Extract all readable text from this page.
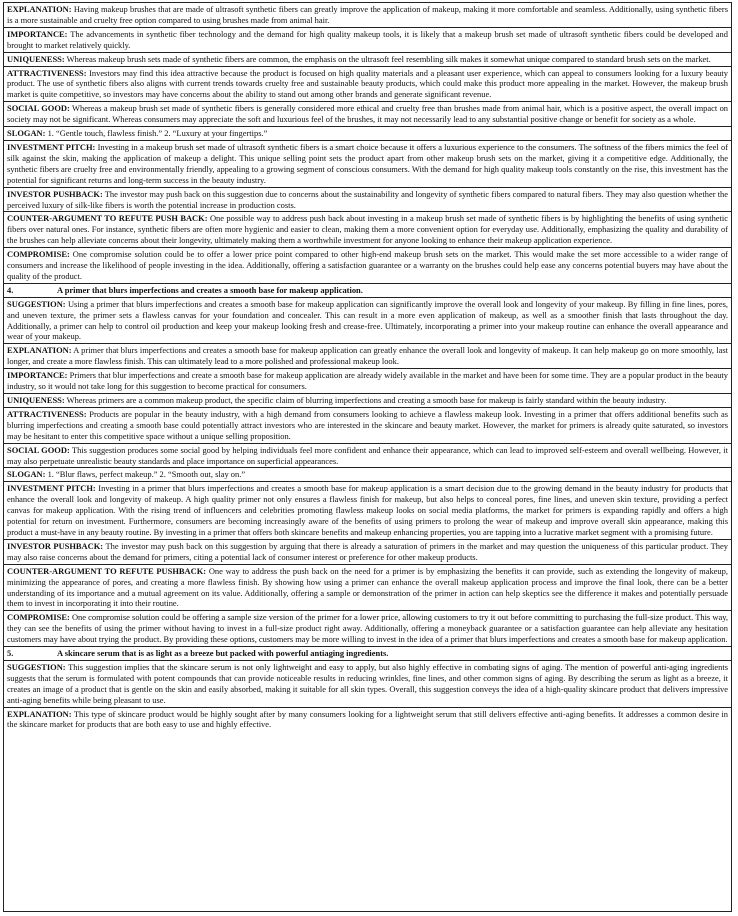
EXPLANATION: Having makeup brushes that are made of ultrasoft synthetic fibers can greatly improve the application of makeup, making it more comfortable and seamless. Additionally, using synthetic fibers is a more sustainable and cruelty free option compared to using brushes made from animal hair.
IMPORTANCE: The advancements in synthetic fiber technology and the demand for high quality makeup tools, it is likely that a makeup brush set made of ultrasoft synthetic fibers could be developed and brought to market relatively quickly.
UNIQUENESS: Whereas makeup brush sets made of synthetic fibers are common, the emphasis on the ultrasoft feel resembling silk makes it somewhat unique compared to standard brush sets on the market.
ATTRACTIVENESS: Investors may find this idea attractive because the product is focused on high quality materials and a pleasant user experience, which can appeal to consumers looking for a luxury beauty product. The use of synthetic fibers also aligns with current trends towards cruelty free and sustainable beauty products, which could make this product more appealing in the market. However, the makeup brush market is quite competitive, so investors may have concerns about the ability to stand out among other brands and generate significant revenue.
SOCIAL GOOD: Whereas a makeup brush set made of synthetic fibers is generally considered more ethical and cruelty free than brushes made from animal hair, which is a positive aspect, the overall impact on society may not be significant. Whereas consumers may appreciate the soft and luxurious feel of the brushes, it may not necessarily lead to any substantial positive change or benefit for society as a whole.
SLOGAN: 1. “Gentle touch, flawless finish.” 2. “Luxury at your fingertips.”
INVESTMENT PITCH: Investing in a makeup brush set made of ultrasoft synthetic fibers is a smart choice because it offers a luxurious experience to the consumers. The softness of the fibers mimics the feel of silk against the skin, making the application of makeup a delight. This unique selling point sets the product apart from other makeup brush sets on the market, giving it a competitive edge. Additionally, the synthetic fibers are cruelty free and environmentally friendly, appealing to a growing segment of conscious consumers. With the demand for high quality makeup tools constantly on the rise, this investment has the potential for significant returns and long-term success in the beauty industry.
INVESTOR PUSHBACK: The investor may push back on this suggestion due to concerns about the sustainability and longevity of synthetic fibers compared to natural fibers. They may also question whether the perceived luxury of silk-like fibers is worth the potential increase in production costs.
COUNTER-ARGUMENT TO REFUTE PUSH BACK: One possible way to address push back about investing in a makeup brush set made of synthetic fibers is by highlighting the benefits of using synthetic fibers over natural ones. For instance, synthetic fibers are often more hygienic and easier to clean, making them a more convenient option for everyday use. Additionally, emphasizing the quality and durability of the brushes can help alleviate concerns about their longevity, ultimately making them a worthwhile investment for anyone looking to enhance their makeup application experience.
COMPROMISE: One compromise solution could be to offer a lower price point compared to other high-end makeup brush sets on the market. This would make the set more accessible to a wider range of consumers and increase the likelihood of people investing in the idea. Additionally, offering a satisfaction guarantee or a warranty on the brushes could help ease any concerns potential buyers may have about the quality of the product.
4.	A primer that blurs imperfections and creates a smooth base for makeup application.
SUGGESTION: Using a primer that blurs imperfections and creates a smooth base for makeup application can significantly improve the overall look and longevity of your makeup. By filling in fine lines, pores, and uneven texture, the primer sets a flawless canvas for your foundation and concealer. This can result in a more even application of makeup, as well as a smoother finish that lasts throughout the day. Additionally, a primer can help to control oil production and keep your makeup looking fresh and crease-free. Ultimately, incorporating a primer into your makeup routine can enhance the overall appearance and wear of your makeup.
EXPLANATION: A primer that blurs imperfections and creates a smooth base for makeup application can greatly enhance the overall look and longevity of makeup. It can help makeup go on more smoothly, last longer, and create a more flawless finish. This can ultimately lead to a more polished and professional makeup look.
IMPORTANCE: Primers that blur imperfections and create a smooth base for makeup application are already widely available in the market and have been for some time. They are a popular product in the beauty industry, so it would not take long for this suggestion to become practical for consumers.
UNIQUENESS: Whereas primers are a common makeup product, the specific claim of blurring imperfections and creating a smooth base for makeup is fairly standard within the beauty industry.
ATTRACTIVENESS: Products are popular in the beauty industry, with a high demand from consumers looking to achieve a flawless makeup look. Investing in a primer that offers additional benefits such as blurring imperfections and creating a smooth base could potentially attract investors who are interested in the skincare and beauty market. However, the market for primers is already quite saturated, so investors may be hesitant to enter this competitive space without a unique selling proposition.
SOCIAL GOOD: This suggestion produces some social good by helping individuals feel more confident and enhance their appearance, which can lead to improved self-esteem and overall wellbeing. However, it may also perpetuate unrealistic beauty standards and place importance on superficial appearances.
SLOGAN: 1. “Blur flaws, perfect makeup.” 2. “Smooth out, slay on.”
INVESTMENT PITCH: Investing in a primer that blurs imperfections and creates a smooth base for makeup application is a smart decision due to the growing demand in the beauty industry for products that enhance the overall look and longevity of makeup. A high quality primer not only ensures a flawless finish for makeup, but also helps to conceal pores, fine lines, and uneven skin texture, providing a perfect canvas for makeup application. With the rising trend of influencers and celebrities promoting flawless makeup looks on social media platforms, the market for primers is expanding rapidly and offers a high potential for return on investment. Furthermore, consumers are becoming increasingly aware of the benefits of using primers to prolong the wear of makeup and improve overall skin appearance, making this product a must-have in any beauty routine. By investing in a primer that offers both skincare benefits and makeup enhancing properties, you are tapping into a lucrative market segment with a promising future.
INVESTOR PUSHBACK: The investor may push back on this suggestion by arguing that there is already a saturation of primers in the market and may question the uniqueness of this particular product. They may also raise concerns about the demand for primers, citing a potential lack of consumer interest or preference for other makeup products.
COUNTER-ARGUMENT TO REFUTE PUSHBACK: One way to address the push back on the need for a primer is by emphasizing the benefits it can provide, such as extending the longevity of makeup, minimizing the appearance of pores, and creating a more flawless finish. By showing how using a primer can enhance the overall makeup application process and improve the final look, there can be a better understanding of its importance and a mutual agreement on its value. Additionally, offering a sample or demonstration of the primer in action can help skeptics see the difference it makes and potentially persuade them to invest in incorporating it into their routine.
COMPROMISE: One compromise solution could be offering a sample size version of the primer for a lower price, allowing customers to try it out before committing to purchasing the full-size product. This way, they can see the benefits of using the primer without having to invest in a full-size product right away. Additionally, offering a moneyback guarantee or a satisfaction guarantee can help alleviate any hesitation customers may have about trying the product. By providing these options, customers may be more willing to invest in the idea of a primer that blurs imperfections and creates a smooth base for makeup application.
5.	A skincare serum that is as light as a breeze but packed with powerful antiaging ingredients.
SUGGESTION: This suggestion implies that the skincare serum is not only lightweight and easy to apply, but also highly effective in combating signs of aging. The mention of powerful anti-aging ingredients suggests that the serum is formulated with potent compounds that can provide noticeable results in reducing wrinkles, fine lines, and other common signs of aging. By describing the serum as light as a breeze, it creates an image of a product that is gentle on the skin and easily absorbed, making it suitable for all skin types. Overall, this suggestion conveys the idea of a high-quality skincare product that delivers impressive anti-aging benefits while being pleasant to use.
EXPLANATION: This type of skincare product would be highly sought after by many consumers looking for a lightweight serum that still delivers effective anti-aging benefits. It addresses a common desire in the skincare market for products that are both easy to use and highly effective.
